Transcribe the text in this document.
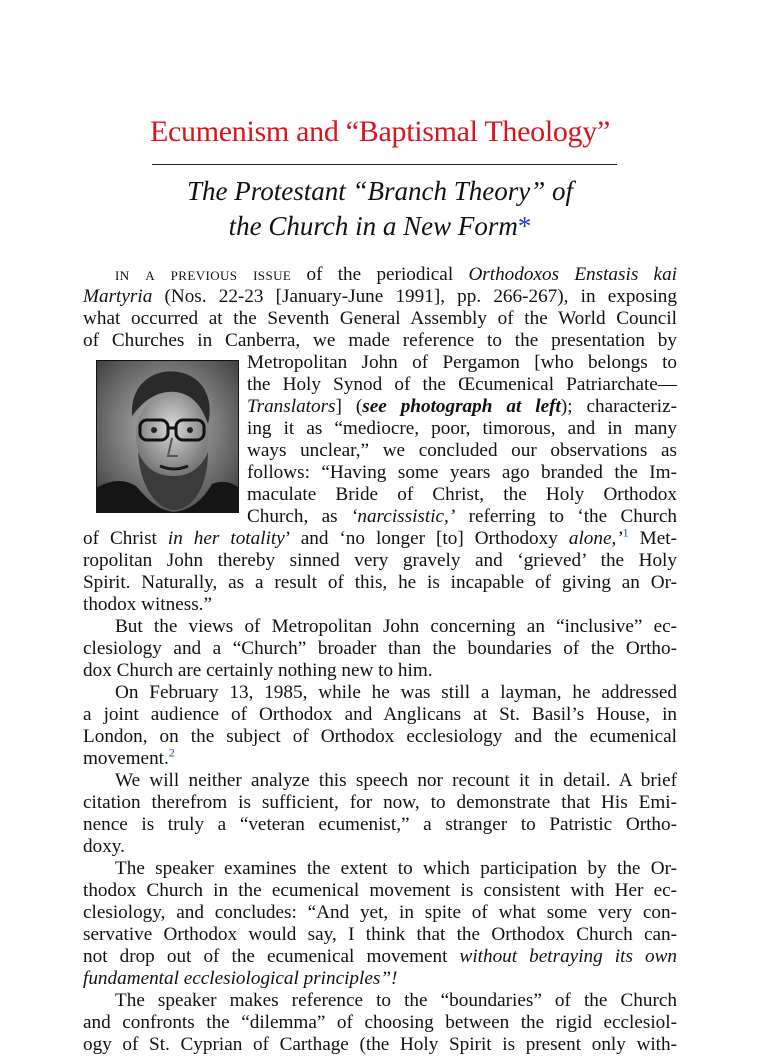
Ecumenism and “Baptismal Theology”
The Protestant “Branch Theory” of
the Church in a New Form*
in a previous issue of the periodical Orthodoxos Enstasis kai
Martyria (Nos. 22-23 [January-June 1991], pp. 266-267), in exposing
what occurred at the Seventh General Assembly of the World Council
of Churches in Canberra, we made reference to the presentation by
Metropolitan John of Pergamon [who belongs to
the Holy Synod of the Œcumenical Patriarchate—
Translators] (see photograph at left); characteriz-
ing it as “mediocre, poor, timorous, and in many
ways unclear,” we concluded our observations as
follows: “Having some years ago branded the Im-
maculate Bride of Christ, the Holy Orthodox
Church, as ‘narcissistic,’ referring to ‘the Church
of Christ in her totality’ and ‘no longer [to] Orthodoxy alone,’$^1$ Met-
ropolitan John thereby sinned very gravely and ‘grieved’ the Holy
Spirit. Naturally, as a result of this, he is incapable of giving an Or-
thodox witness.”
But the views of Metropolitan John concerning an “inclusive” ec-
clesiology and a “Church” broader than the boundaries of the Ortho-
dox Church are certainly nothing new to him.
On February 13, 1985, while he was still a layman, he addressed
a joint audience of Orthodox and Anglicans at St. Basil’s House, in
London, on the subject of Orthodox ecclesiology and the ecumenical
movement.$^2$
We will neither analyze this speech nor recount it in detail. A brief
citation therefrom is sufficient, for now, to demonstrate that His Emi-
nence is truly a “veteran ecumenist,” a stranger to Patristic Ortho-
doxy.
The speaker examines the extent to which participation by the Or-
thodox Church in the ecumenical movement is consistent with Her ec-
clesiology, and concludes: “And yet, in spite of what some very con-
servative Orthodox would say, I think that the Orthodox Church can-
not drop out of the ecumenical movement without betraying its own
fundamental ecclesiological principles”!
The speaker makes reference to the “boundaries” of the Church
and confronts the “dilemma” of choosing between the rigid ecclesiol-
ogy of St. Cyprian of Carthage (the Holy Spirit is present only with-
